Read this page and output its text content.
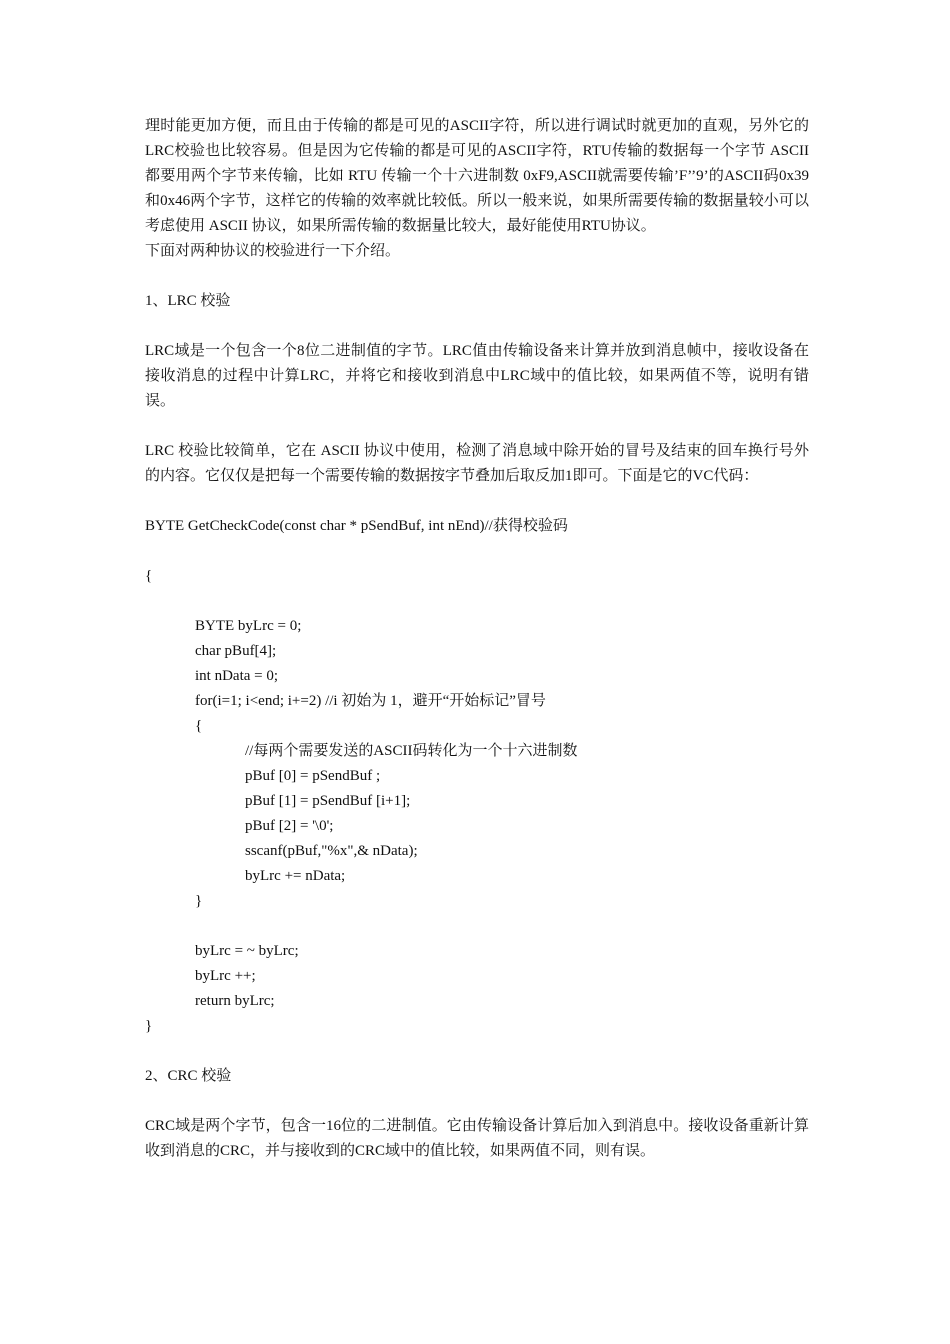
理时能更加方便，而且由于传输的都是可见的ASCII字符，所以进行调试时就更加的直观，另外它的LRC校验也比较容易。但是因为它传输的都是可见的ASCII字符，RTU传输的数据每一个字节 ASCII 都要用两个字节来传输，比如 RTU 传输一个十六进制数 0xF9,ASCII就需要传输’F’’9’的ASCII码0x39和0x46两个字节，这样它的传输的效率就比较低。所以一般来说，如果所需要传输的数据量较小可以考虑使用 ASCII 协议，如果所需传输的数据量比较大，最好能使用RTU协议。

下面对两种协议的校验进行一下介绍。

1、LRC 校验

LRC域是一个包含一个8位二进制值的字节。LRC值由传输设备来计算并放到消息帧中，接收设备在接收消息的过程中计算LRC，并将它和接收到消息中LRC域中的值比较，如果两值不等，说明有错误。

LRC 校验比较简单，它在 ASCII 协议中使用，检测了消息域中除开始的冒号及结束的回车换行号外的内容。它仅仅是把每一个需要传输的数据按字节叠加后取反加1即可。下面是它的VC代码：

BYTE GetCheckCode(const char * pSendBuf, int nEnd)//获得校验码
{
BYTE byLrc = 0;
char pBuf[4];
int nData = 0;
for(i=1; i<end; i+=2) //i 初始为 1，避开“开始标记”冒号
{
//每两个需要发送的ASCII码转化为一个十六进制数
pBuf [0] = pSendBuf ;
pBuf [1] = pSendBuf [i+1];
pBuf [2] = '\0';
sscanf(pBuf,"%x",& nData);
byLrc += nData;
}
byLrc = ~ byLrc;
byLrc ++;
return byLrc;
}

2、CRC 校验

CRC域是两个字节，包含一16位的二进制值。它由传输设备计算后加入到消息中。接收设备重新计算收到消息的CRC，并与接收到的CRC域中的值比较，如果两值不同，则有误。
